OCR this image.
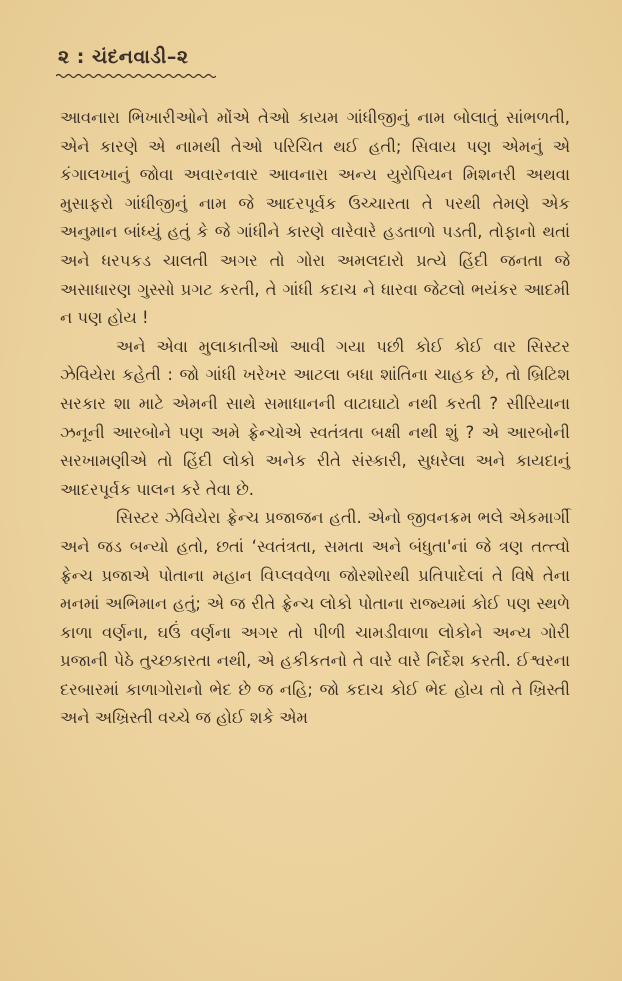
૨ : ચંદનવાડી–૨

આવનારા ભિખારીઓને મોંએ તેઓ કાયમ ગાંધીજીનું નામ બોલાતું સાંભળતી, એને કારણે એ નામથી તેઓ પરિચિત થઈ હતી; સિવાય પણ એમનું એ કંગાલખાનું જોવા અવારનવાર આવનારા અન્ય યુરોપિયન મિશનરી અથવા મુસાફરો ગાંધીજીનું નામ જે આદરપૂર્વક ઉચ્ચારતા તે પરથી તેમણે એક અનુમાન બાંધ્યું હતું કે જે ગાંધીને કારણે વારેવારે હડતાળો પડતી, તોફાનો થતાં અને ધરપકડ ચાલતી અગર તો ગોરા અમલદારો પ્રત્યે હિંદી જનતા જે અસાધારણ ગુસ્સો પ્રગટ કરતી, તે ગાંધી કદાચ ને ધારવા જેટલો ભયંકર આદમી ન પણ હોય !

અને એવા મુલાકાતીઓ આવી ગયા પછી કોઈ કોઈ વાર સિસ્ટર ઝેવિયેરા કહેતી : જો ગાંધી ખરેખર આટલા બધા શાંતિના ચાહક છે, તો બ્રિટિશ સરકાર શા માટે એમની સાથે સમાધાનની વાટાઘાટો નથી કરતી ? સીરિયાના ઝનૂની આરબોને પણ અમે ફ્રેન્ચોએ સ્વતંત્રતા બક્ષી નથી શું ? એ આરબોની સરખામણીએ તો હિંદી લોકો અનેક રીતે સંસ્કારી, સુધરેલા અને કાયદાનું આદરપૂર્વક પાલન કરે તેવા છે.

સિસ્ટર ઝેવિયેરા ફ્રેન્ચ પ્રજાજન હતી. એનો જીવનક્રમ ભલે એકમાર્ગી અને જડ બન્યો હતો, છતાં ‘સ્વતંત્રતા, સમતા અને બંધુતા'નાં જે ત્રણ તત્ત્વો ફ્રેન્ચ પ્રજાએ પોતાના મહાન વિપ્લવવેળા જોરશોરથી પ્રતિપાદેલાં તે વિષે તેના મનમાં અભિમાન હતું; એ જ રીતે ફ્રેન્ચ લોકો પોતાના રાજ્યમાં કોઈ પણ સ્થળે કાળા વર્ણના, ઘઉં વર્ણના અગર તો પીળી ચામડીવાળા લોકોને અન્ય ગોરી પ્રજાની પેઠે તુચ્છકારતા નથી, એ હકીકતનો તે વારે વારે નિર્દેશ કરતી. ઈશ્વરના દરબારમાં કાળાગોરાનો ભેદ છે જ નહિ; જો કદાચ કોઈ ભેદ હોય તો તે ખ્રિસ્તી અને અખ્રિસ્તી વચ્ચે જ હોઈ શકે એમ
